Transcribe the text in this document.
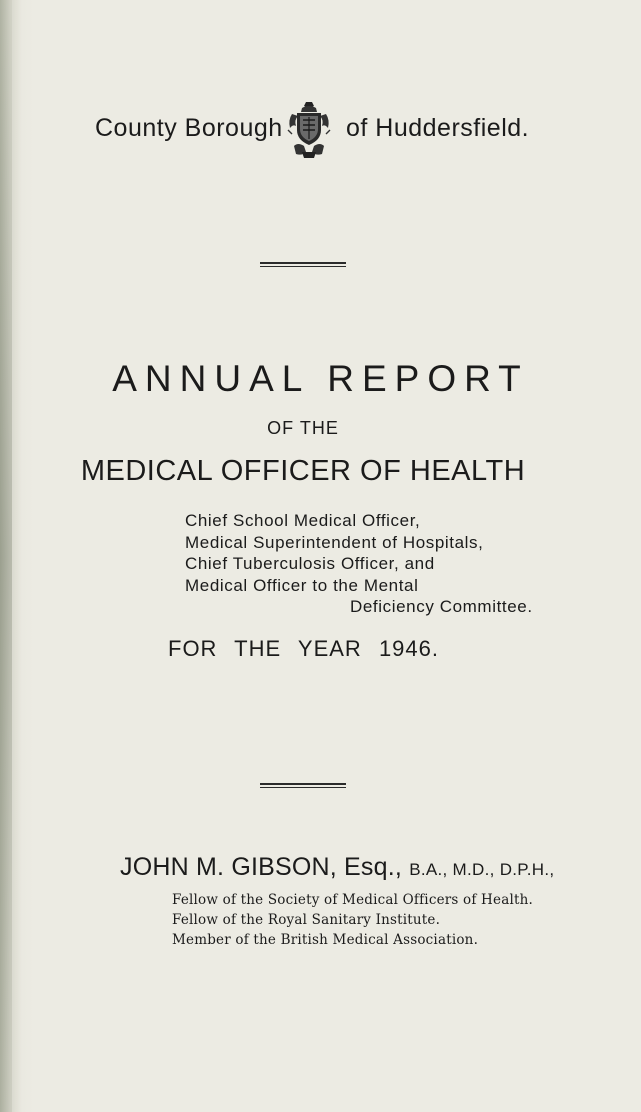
County Borough	of Huddersfield.
ANNUAL REPORT
OF THE
MEDICAL OFFICER OF HEALTH
Chief School Medical Officer,
Medical Superintendent of Hospitals,
Chief Tuberculosis Officer, and
Medical Officer to the Mental
Deficiency Committee.
FOR THE YEAR 1946.
JOHN M. GIBSON, Esq., B.A., M.D., D.P.H.,
Fellow of the Society of Medical Officers of Health.
Fellow of the Royal Sanitary Institute.
Member of the British Medical Association.
